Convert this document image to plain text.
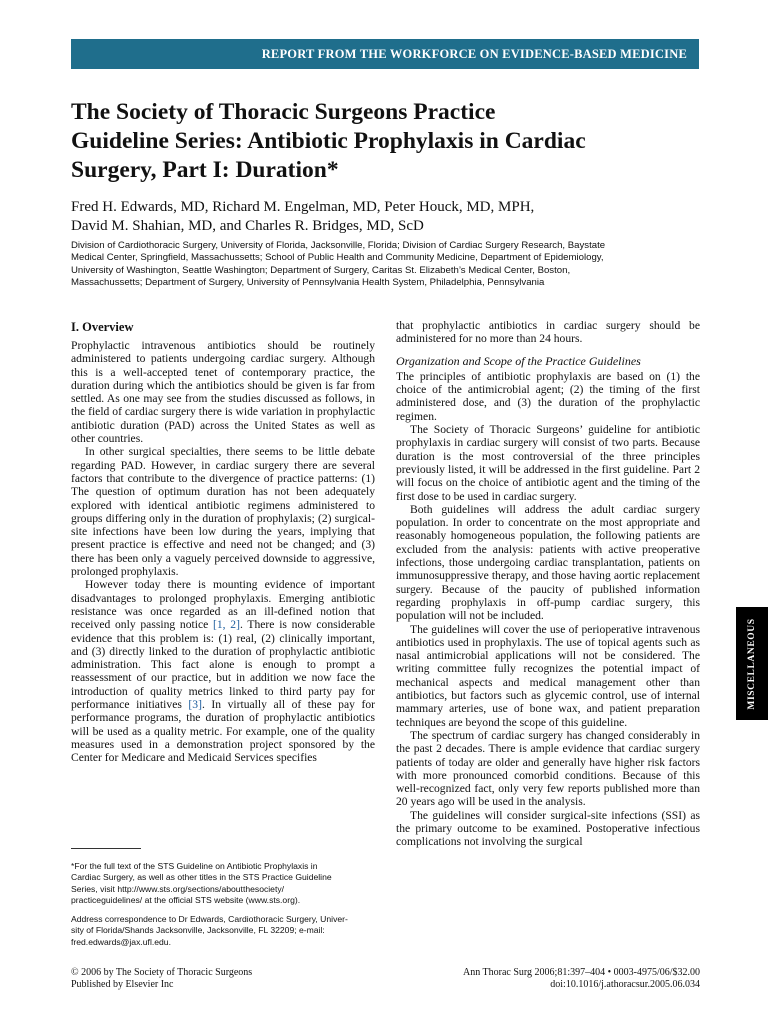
REPORT FROM THE WORKFORCE ON EVIDENCE-BASED MEDICINE
The Society of Thoracic Surgeons Practice
Guideline Series: Antibiotic Prophylaxis in Cardiac
Surgery, Part I: Duration*
Fred H. Edwards, MD, Richard M. Engelman, MD, Peter Houck, MD, MPH,
David M. Shahian, MD, and Charles R. Bridges, MD, ScD
Division of Cardiothoracic Surgery, University of Florida, Jacksonville, Florida; Division of Cardiac Surgery Research, Baystate
Medical Center, Springfield, Massachussetts; School of Public Health and Community Medicine, Department of Epidemiology,
University of Washington, Seattle Washington; Department of Surgery, Caritas St. Elizabeth’s Medical Center, Boston,
Massachussetts; Department of Surgery, University of Pennsylvania Health System, Philadelphia, Pennsylvania
I. Overview

Prophylactic intravenous antibiotics should be routinely administered to patients undergoing cardiac surgery. Although this is a well-accepted tenet of contemporary practice, the duration during which the antibiotics should be given is far from settled. As one may see from the studies discussed as follows, in the field of cardiac surgery there is wide variation in prophylactic antibiotic duration (PAD) across the United States as well as other countries.

In other surgical specialties, there seems to be little debate regarding PAD. However, in cardiac surgery there are several factors that contribute to the divergence of practice patterns: (1) The question of optimum duration has not been adequately explored with identical antibiotic regimens administered to groups differing only in the duration of prophylaxis; (2) surgical-site infections have been low during the years, implying that present practice is effective and need not be changed; and (3) there has been only a vaguely perceived downside to aggressive, prolonged prophylaxis.

However today there is mounting evidence of important disadvantages to prolonged prophylaxis. Emerging antibiotic resistance was once regarded as an ill-defined notion that received only passing notice [1, 2]. There is now considerable evidence that this problem is: (1) real, (2) clinically important, and (3) directly linked to the duration of prophylactic antibiotic administration. This fact alone is enough to prompt a reassessment of our practice, but in addition we now face the introduction of quality metrics linked to third party pay for performance initiatives [3]. In virtually all of these pay for performance programs, the duration of prophylactic antibiotics will be used as a quality metric. For example, one of the quality measures used in a demonstration project sponsored by the Center for Medicare and Medicaid Services specifies

*For the full text of the STS Guideline on Antibiotic Prophylaxis in
Cardiac Surgery, as well as other titles in the STS Practice Guideline
Series, visit http://www.sts.org/sections/aboutthesociety/
practiceguidelines/ at the official STS website (www.sts.org).

Address correspondence to Dr Edwards, Cardiothoracic Surgery, Univer-
sity of Florida/Shands Jacksonville, Jacksonville, FL 32209; e-mail:
fred.edwards@jax.ufl.edu.

that prophylactic antibiotics in cardiac surgery should be administered for no more than 24 hours.

Organization and Scope of the Practice Guidelines

The principles of antibiotic prophylaxis are based on (1) the choice of the antimicrobial agent; (2) the timing of the first administered dose, and (3) the duration of the prophylactic regimen.

The Society of Thoracic Surgeons’ guideline for antibiotic prophylaxis in cardiac surgery will consist of two parts. Because duration is the most controversial of the three principles previously listed, it will be addressed in the first guideline. Part 2 will focus on the choice of antibiotic agent and the timing of the first dose to be used in cardiac surgery.

Both guidelines will address the adult cardiac surgery population. In order to concentrate on the most appropriate and reasonably homogeneous population, the following patients are excluded from the analysis: patients with active preoperative infections, those undergoing cardiac transplantation, patients on immunosuppressive therapy, and those having aortic replacement surgery. Because of the paucity of published information regarding prophylaxis in off-pump cardiac surgery, this population will not be included.

The guidelines will cover the use of perioperative intravenous antibiotics used in prophylaxis. The use of topical agents such as nasal antimicrobial applications will not be considered. The writing committee fully recognizes the potential impact of mechanical aspects and medical management other than antibiotics, but factors such as glycemic control, use of internal mammary arteries, use of bone wax, and patient preparation techniques are beyond the scope of this guideline.

The spectrum of cardiac surgery has changed considerably in the past 2 decades. There is ample evidence that cardiac surgery patients of today are older and generally have higher risk factors with more pronounced comorbid conditions. Because of this well-recognized fact, only very few reports published more than 20 years ago will be used in the analysis.

The guidelines will consider surgical-site infections (SSI) as the primary outcome to be examined. Postoperative infectious complications not involving the surgical

© 2006 by The Society of Thoracic Surgeons
Published by Elsevier Inc
Ann Thorac Surg 2006;81:397–404 • 0003-4975/06/$32.00
doi:10.1016/j.athoracsur.2005.06.034
MISCELLANEOUS
